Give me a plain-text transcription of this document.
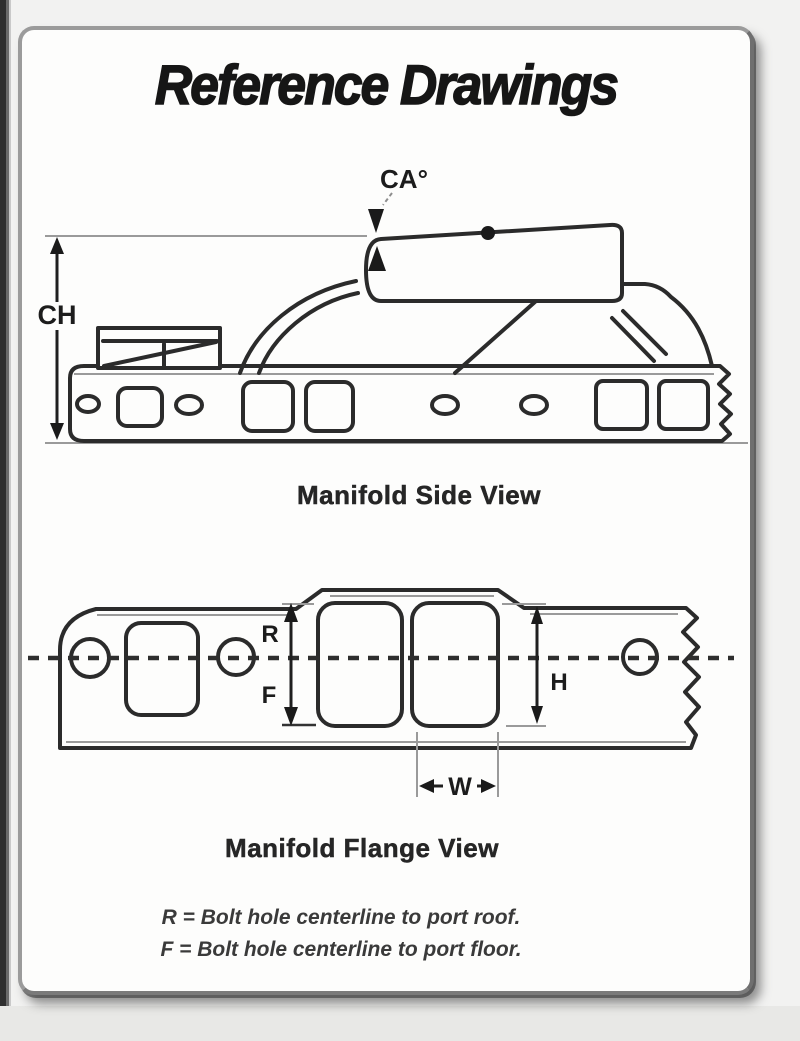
Reference Drawings
CA°
CH
Manifold Side View
R
F	H
W
Manifold Flange View
R = Bolt hole centerline to port roof.
F = Bolt hole centerline to port floor.
